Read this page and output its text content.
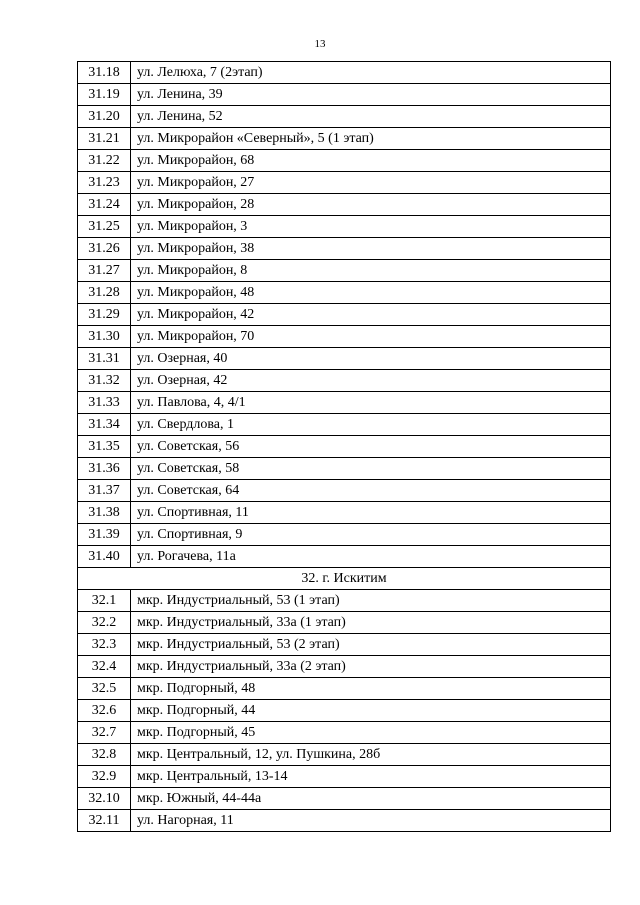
13
31.18	ул. Лелюха, 7 (2этап)
31.19	ул. Ленина, 39
31.20	ул. Ленина, 52
31.21	ул. Микрорайон «Северный», 5 (1 этап)
31.22	ул. Микрорайон, 68
31.23	ул. Микрорайон, 27
31.24	ул. Микрорайон, 28
31.25	ул. Микрорайон, 3
31.26	ул. Микрорайон, 38
31.27	ул. Микрорайон, 8
31.28	ул. Микрорайон, 48
31.29	ул. Микрорайон, 42
31.30	ул. Микрорайон, 70
31.31	ул. Озерная, 40
31.32	ул. Озерная, 42
31.33	ул. Павлова, 4, 4/1
31.34	ул. Свердлова, 1
31.35	ул. Советская, 56
31.36	ул. Советская, 58
31.37	ул. Советская, 64
31.38	ул. Спортивная, 11
31.39	ул. Спортивная, 9
31.40	ул. Рогачева, 11а
32. г. Искитим	
32.1	мкр. Индустриальный, 53 (1 этап)
32.2	мкр. Индустриальный, 33а (1 этап)
32.3	мкр. Индустриальный, 53 (2 этап)
32.4	мкр. Индустриальный, 33а (2 этап)
32.5	мкр. Подгорный, 48
32.6	мкр. Подгорный, 44
32.7	мкр. Подгорный, 45
32.8	мкр. Центральный, 12, ул. Пушкина, 28б
32.9	мкр. Центральный, 13-14
32.10	мкр. Южный, 44-44а
32.11	ул. Нагорная, 11
